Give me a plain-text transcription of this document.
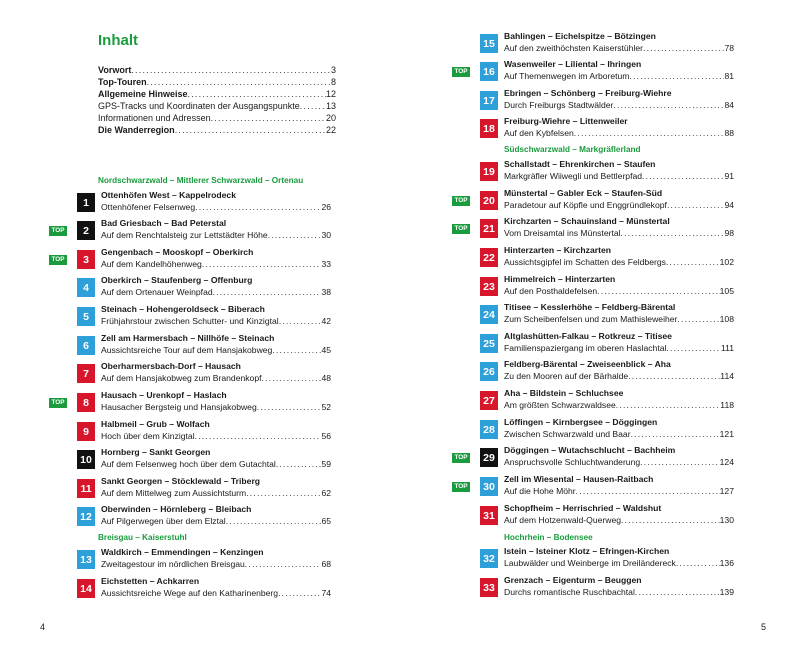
Inhalt
Vorwort .....	3
Top-Touren .....	8
Allgemeine Hinweise .....	12
GPS-Tracks und Koordinaten der Ausgangspunkte .....	13
Informationen und Adressen .....	20
Die Wanderregion .....	22
Nordschwarzwald – Mittlerer Schwarzwald – Ortenau
Breisgau – Kaiserstuhl
4
Südschwarzwald – Markgräflerland
Hochrhein – Bodensee
5
1
Ottenhöfen West – Kappelrodeck
Ottenhöfener Felsenweg .....	26
TOP	2
Bad Griesbach – Bad Peterstal
Auf dem Renchtalsteig zur Lettstädter Höhe .....	30
TOP	3
Gengenbach – Mooskopf – Oberkirch
Auf dem Kandelhöhenweg .....	33
4
Oberkirch – Staufenberg – Offenburg
Auf dem Ortenauer Weinpfad .....	38
5
Steinach – Hohengeroldseck – Biberach
Frühjahrstour zwischen Schutter- und Kinzigtal .....	42
6
Zell am Harmersbach – Nillhöfe – Steinach
Aussichtsreiche Tour auf dem Hansjakobweg .....	45
7
Oberharmersbach-Dorf – Hausach
Auf dem Hansjakobweg zum Brandenkopf .....	48
TOP	8
Hausach – Urenkopf – Haslach
Hausacher Bergsteig und Hansjakobweg .....	52
9
Halbmeil – Grub – Wolfach
Hoch über dem Kinzigtal .....	56
10
Hornberg – Sankt Georgen
Auf dem Felsenweg hoch über dem Gutachtal .....	59
11
Sankt Georgen – Stöcklewald – Triberg
Auf dem Mittelweg zum Aussichtsturm .....	62
12
Oberwinden – Hörnleberg – Bleibach
Auf Pilgerwegen über dem Elztal .....	65
13
Waldkirch – Emmendingen – Kenzingen
Zweitagestour im nördlichen Breisgau .....	68
14
Eichstetten – Achkarren
Aussichtsreiche Wege auf den Katharinenberg .....	74
15
Bahlingen – Eichelspitze – Bötzingen
Auf den zweithöchsten Kaiserstühler .....	78
TOP	16
Wasenweiler – Liliental – Ihringen
Auf Themenwegen im Arboretum .....	81
17
Ebringen – Schönberg – Freiburg-Wiehre
Durch Freiburgs Stadtwälder .....	84
18
Freiburg-Wiehre – Littenweiler
Auf den Kybfelsen .....	88
19
Schallstadt – Ehrenkirchen – Staufen
Markgräfler Wiiwegli und Bettlerpfad .....	91
TOP	20
Münstertal – Gabler Eck – Staufen-Süd
Paradetour auf Köpfle und Enggründlekopf .....	94
TOP	21
Kirchzarten – Schauinsland – Münstertal
Vom Dreisamtal ins Münstertal .....	98
22
Hinterzarten – Kirchzarten
Aussichtsgipfel im Schatten des Feldbergs .....	102
23
Himmelreich – Hinterzarten
Auf den Posthaldefelsen .....	105
24
Titisee – Kesslerhöhe – Feldberg-Bärental
Zum Scheibenfelsen und zum Mathisleweiher .....	108
25
Altglashütten-Falkau – Rotkreuz – Titisee
Familienspaziergang im oberen Haslachtal .....	111
26
Feldberg-Bärental – Zweiseenblick – Aha
Zu den Mooren auf der Bärhalde .....	114
27
Aha – Bildstein – Schluchsee
Am größten Schwarzwaldsee .....	118
28
Löffingen – Kirnbergsee – Döggingen
Zwischen Schwarzwald und Baar .....	121
TOP	29
Döggingen – Wutachschlucht – Bachheim
Anspruchsvolle Schluchtwanderung .....	124
TOP	30
Zell im Wiesental – Hausen-Raitbach
Auf die Hohe Möhr .....	127
31
Schopfheim – Herrischried – Waldshut
Auf dem Hotzenwald-Querweg .....	130
32
Istein – Isteiner Klotz – Efringen-Kirchen
Laubwälder und Weinberge im Dreiländereck .....	136
33
Grenzach – Eigenturm – Beuggen
Durchs romantische Ruschbachtal .....	139
